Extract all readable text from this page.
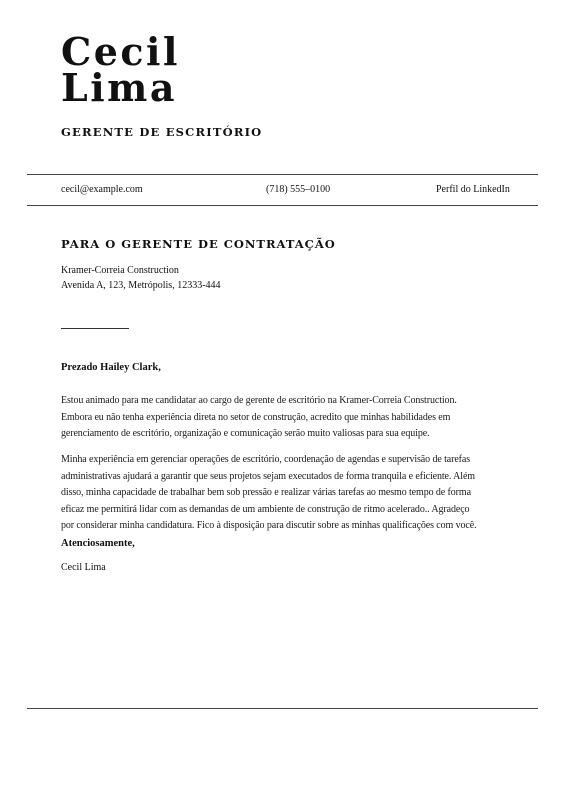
Cecil
Lima
GERENTE DE ESCRITÓRIO
cecil@example.com	(718) 555–0100	Perfil do LinkedIn
PARA O GERENTE DE CONTRATAÇÃO
Kramer-Correia Construction
Avenida A, 123, Metrópolis, 12333-444
Prezado Hailey Clark,
Estou animado para me candidatar ao cargo de gerente de escritório na Kramer-Correia Construction.
Embora eu não tenha experiência direta no setor de construção, acredito que minhas habilidades em
gerenciamento de escritório, organização e comunicação serão muito valiosas para sua equipe.
Minha experiência em gerenciar operações de escritório, coordenação de agendas e supervisão de tarefas
administrativas ajudará a garantir que seus projetos sejam executados de forma tranquila e eficiente. Além
disso, minha capacidade de trabalhar bem sob pressão e realizar várias tarefas ao mesmo tempo de forma
eficaz me permitirá lidar com as demandas de um ambiente de construção de ritmo acelerado.. Agradeço
por considerar minha candidatura. Fico à disposição para discutir sobre as minhas qualificações com você.
Atenciosamente,
Cecil Lima
